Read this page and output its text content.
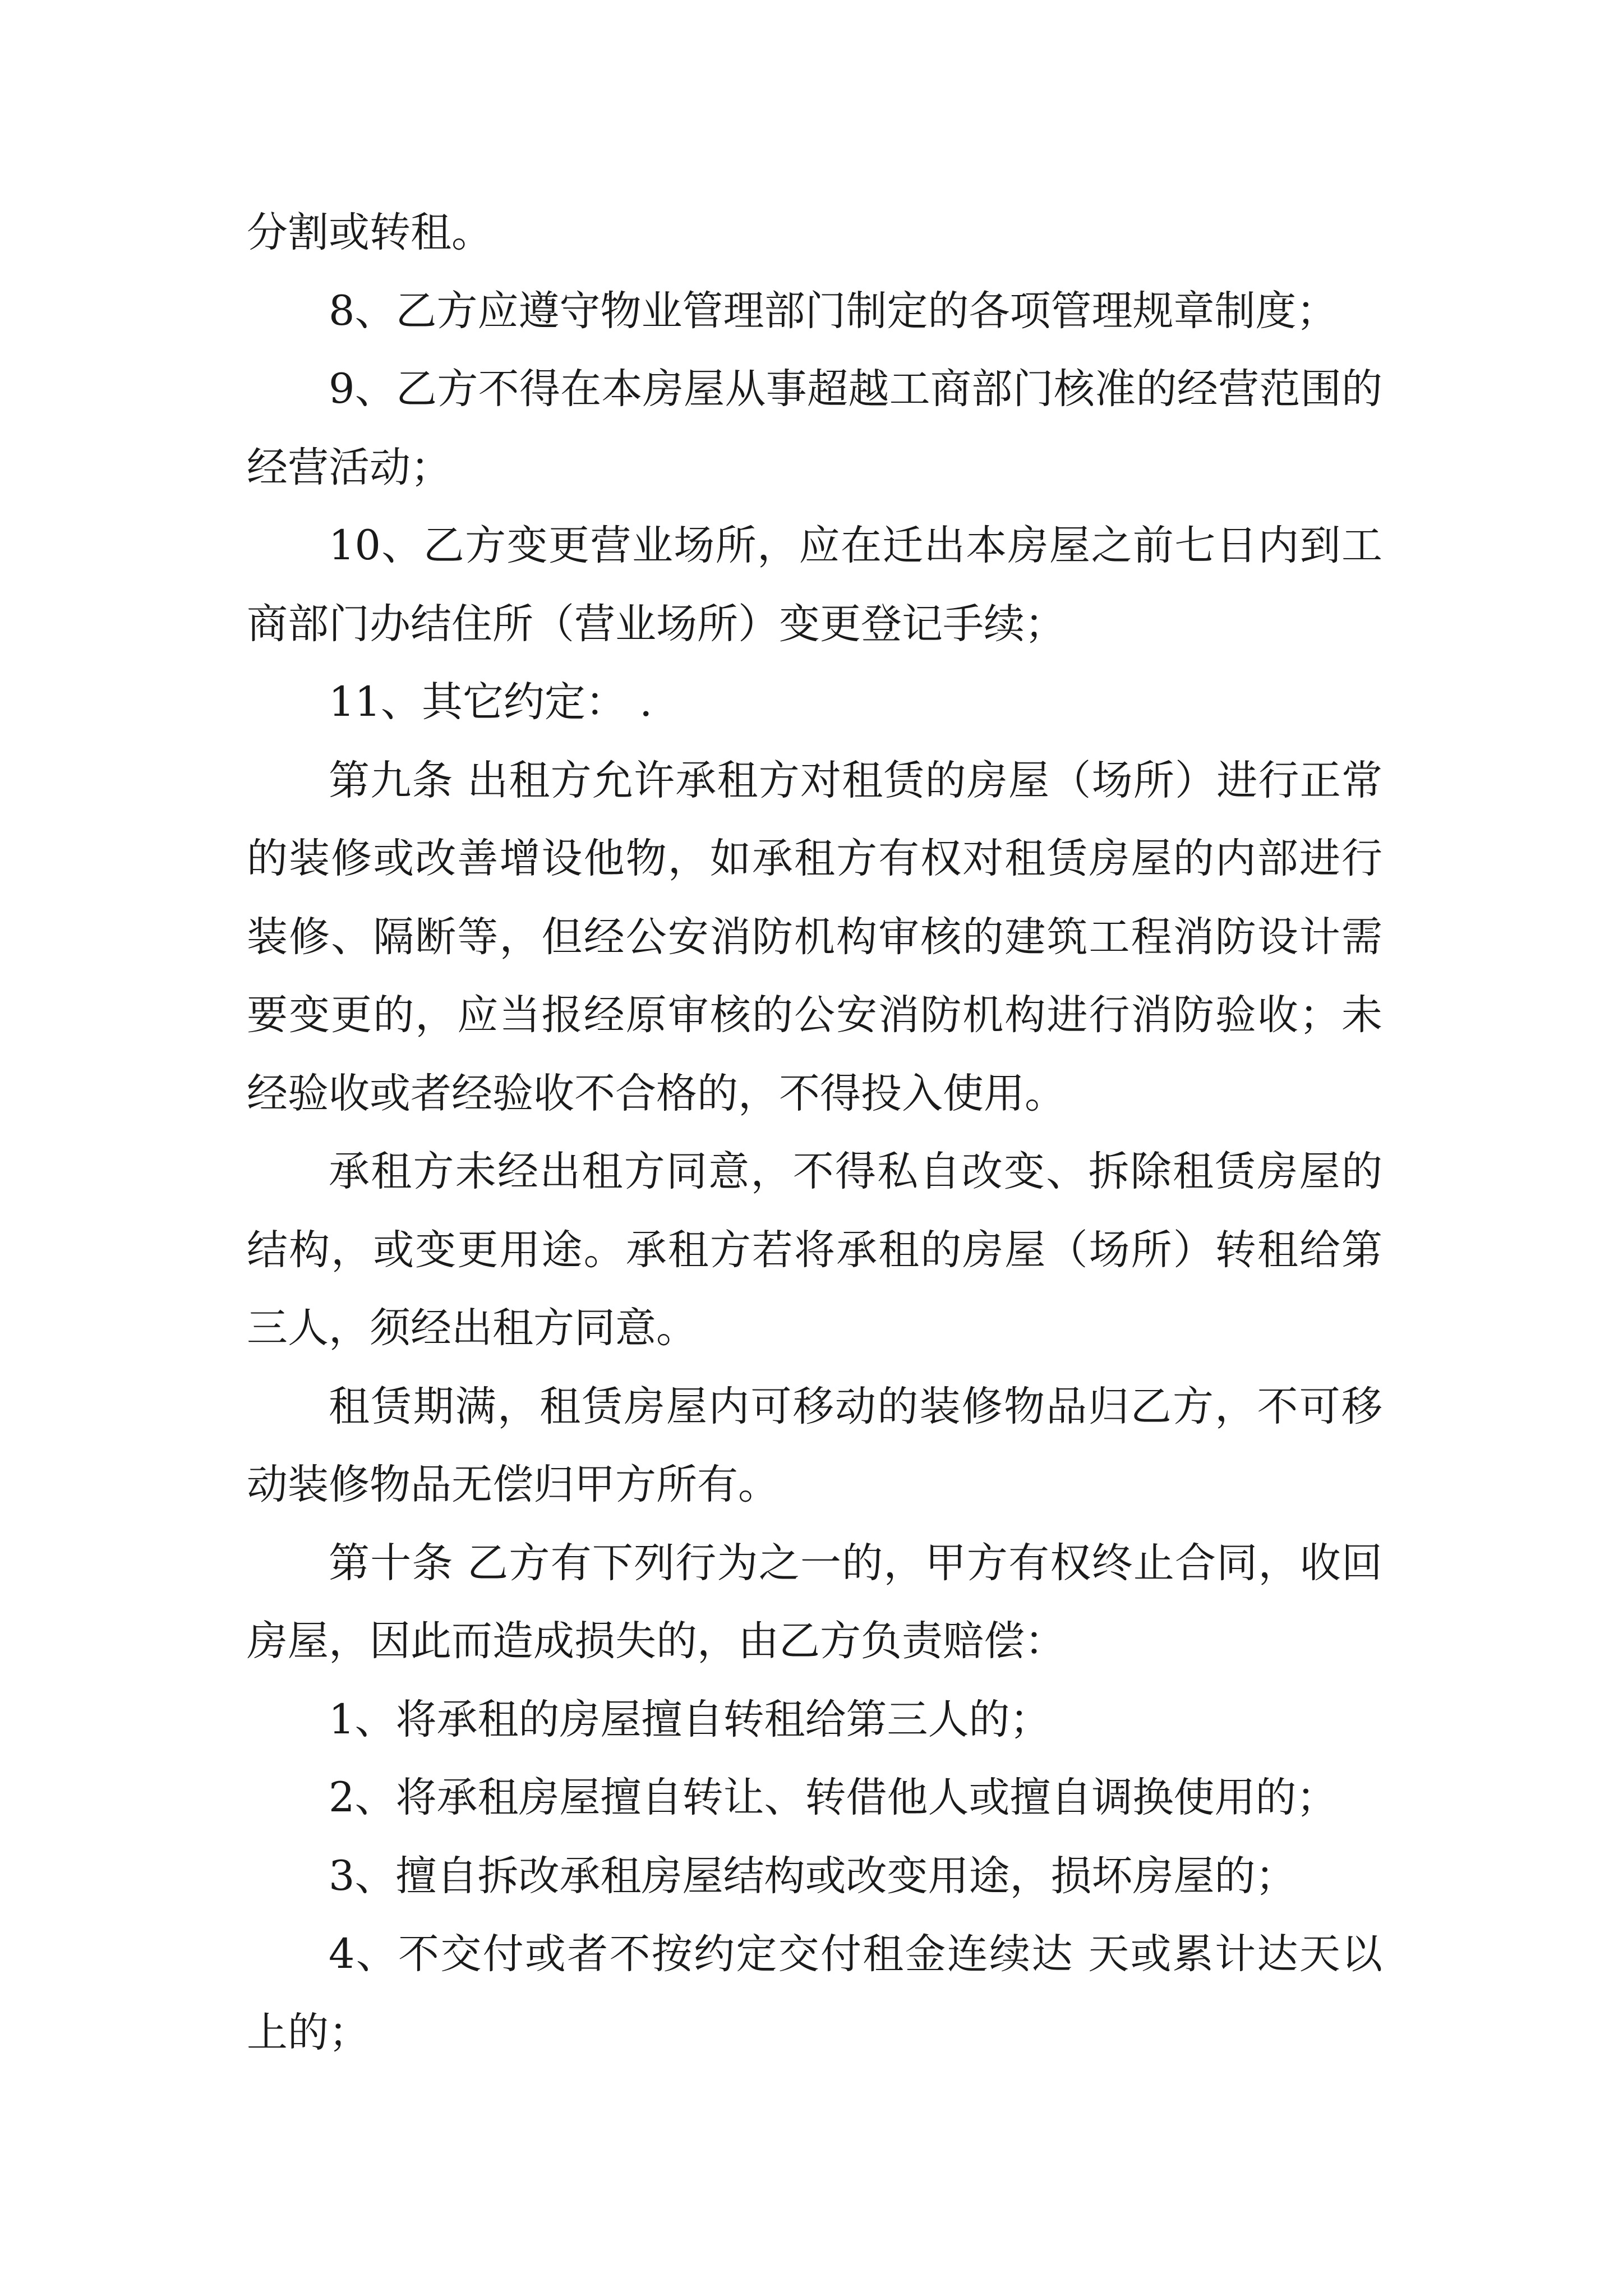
分割或转租。

8、乙方应遵守物业管理部门制定的各项管理规章制度；

9、乙方不得在本房屋从事超越工商部门核准的经营范围的经营活动；

10、乙方变更营业场所，应在迁出本房屋之前七日内到工商部门办结住所（营业场所）变更登记手续；

11、其它约定： .

第九条 出租方允许承租方对租赁的房屋（场所）进行正常的装修或改善增设他物，如承租方有权对租赁房屋的内部进行装修、隔断等，但经公安消防机构审核的建筑工程消防设计需要变更的，应当报经原审核的公安消防机构进行消防验收；未经验收或者经验收不合格的，不得投入使用。

承租方未经出租方同意，不得私自改变、拆除租赁房屋的结构，或变更用途。承租方若将承租的房屋（场所）转租给第三人，须经出租方同意。

租赁期满，租赁房屋内可移动的装修物品归乙方，不可移动装修物品无偿归甲方所有。

第十条 乙方有下列行为之一的，甲方有权终止合同，收回房屋，因此而造成损失的，由乙方负责赔偿：

1、将承租的房屋擅自转租给第三人的；

2、将承租房屋擅自转让、转借他人或擅自调换使用的；

3、擅自拆改承租房屋结构或改变用途，损坏房屋的；

4、不交付或者不按约定交付租金连续达 天或累计达天以上的；
